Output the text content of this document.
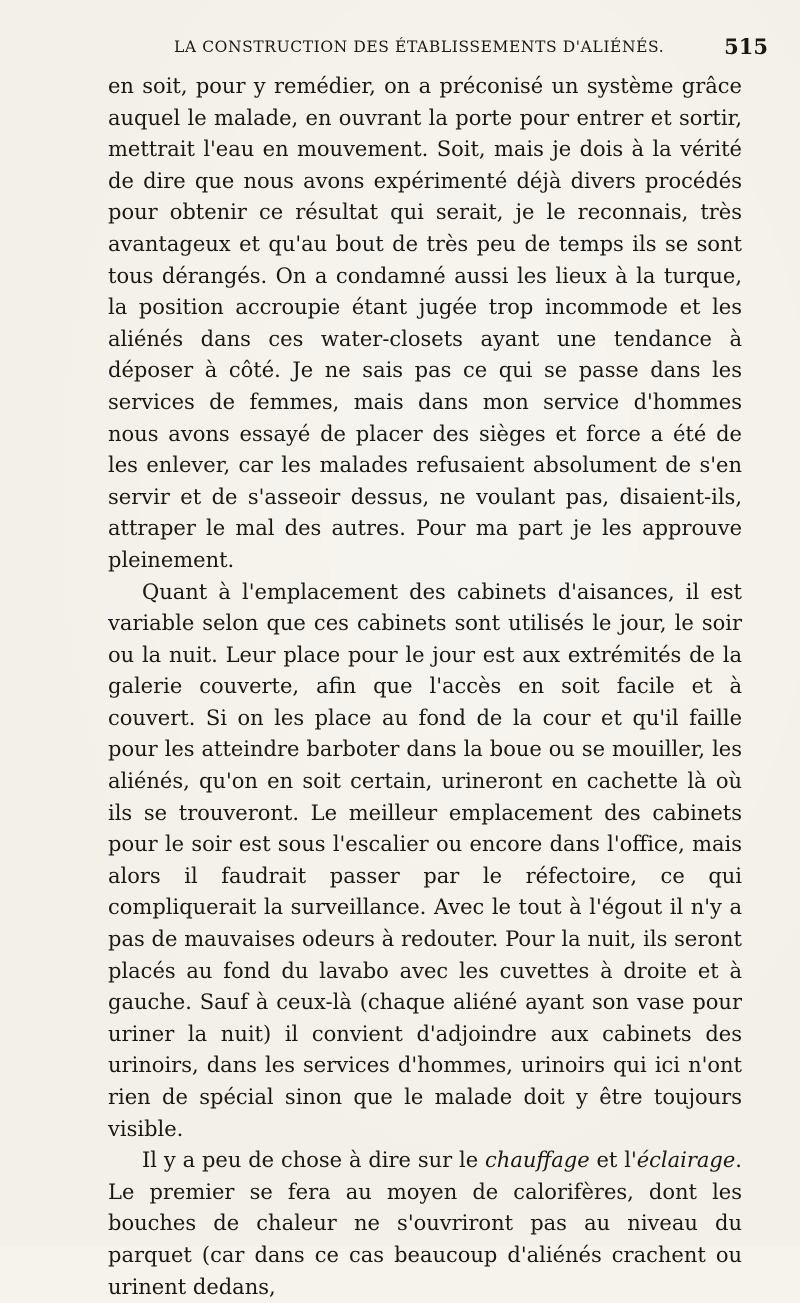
LA CONSTRUCTION DES ÉTABLISSEMENTS D'ALIÉNÉS.	515

en soit, pour y remédier, on a préconisé un système grâce auquel le malade, en ouvrant la porte pour entrer et sortir, mettrait l'eau en mouvement. Soit, mais je dois à la vérité de dire que nous avons expérimenté déjà divers procédés pour obtenir ce résultat qui serait, je le reconnais, très avantageux et qu'au bout de très peu de temps ils se sont tous dérangés. On a condamné aussi les lieux à la turque, la position accroupie étant jugée trop incommode et les aliénés dans ces water-closets ayant une tendance à déposer à côté. Je ne sais pas ce qui se passe dans les services de femmes, mais dans mon service d'hommes nous avons essayé de placer des sièges et force a été de les enlever, car les malades refusaient absolument de s'en servir et de s'asseoir dessus, ne voulant pas, disaient-ils, attraper le mal des autres. Pour ma part je les approuve pleinement.

Quant à l'emplacement des cabinets d'aisances, il est variable selon que ces cabinets sont utilisés le jour, le soir ou la nuit. Leur place pour le jour est aux extrémités de la galerie couverte, afin que l'accès en soit facile et à couvert. Si on les place au fond de la cour et qu'il faille pour les atteindre barboter dans la boue ou se mouiller, les aliénés, qu'on en soit certain, urineront en cachette là où ils se trouveront. Le meilleur emplacement des cabinets pour le soir est sous l'escalier ou encore dans l'office, mais alors il faudrait passer par le réfectoire, ce qui compliquerait la surveillance. Avec le tout à l'égout il n'y a pas de mauvaises odeurs à redouter. Pour la nuit, ils seront placés au fond du lavabo avec les cuvettes à droite et à gauche. Sauf à ceux-là (chaque aliéné ayant son vase pour uriner la nuit) il convient d'adjoindre aux cabinets des urinoirs, dans les services d'hommes, urinoirs qui ici n'ont rien de spécial sinon que le malade doit y être toujours visible.

Il y a peu de chose à dire sur le chauffage et l'éclairage. Le premier se fera au moyen de calorifères, dont les bouches de chaleur ne s'ouvriront pas au niveau du parquet (car dans ce cas beaucoup d'aliénés crachent ou urinent dedans,
